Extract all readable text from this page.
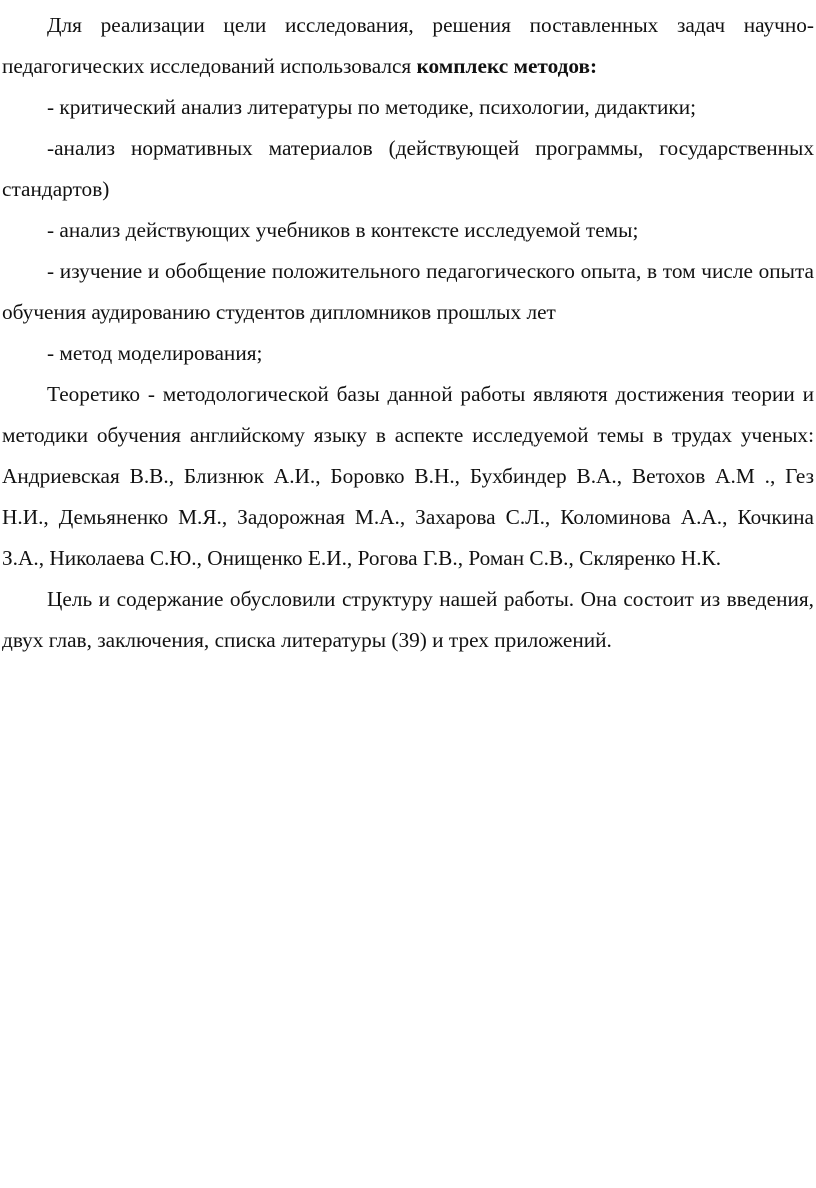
Для реализации цели исследования, решения поставленных задач научно-педагогических исследований использовался комплекс методов:

- критический анализ литературы по методике, психологии, дидактики;

-анализ нормативных материалов (действующей программы, государственных стандартов)

- анализ действующих учебников в контексте исследуемой темы;

- изучение и обобщение положительного педагогического опыта, в том числе опыта обучения аудированию студентов дипломников прошлых лет

- метод моделирования;

Теоретико - методологической базы данной работы являютя достижения теории и методики обучения английскому языку в аспекте исследуемой темы в трудах ученых: Андриевская В.В., Близнюк А.И., Боровко В.Н., Бухбиндер В.А., Ветохов А.М ., Гез Н.И., Демьяненко М.Я., Задорожная М.А., Захарова С.Л., Коломинова А.А., Кочкина З.А., Николаева С.Ю., Онищенко Е.И., Рогова Г.В., Роман С.В., Скляренко Н.К.

Цель и содержание обусловили структуру нашей работы. Она состоит из введения, двух глав, заключения, списка литературы (39) и трех приложений.
